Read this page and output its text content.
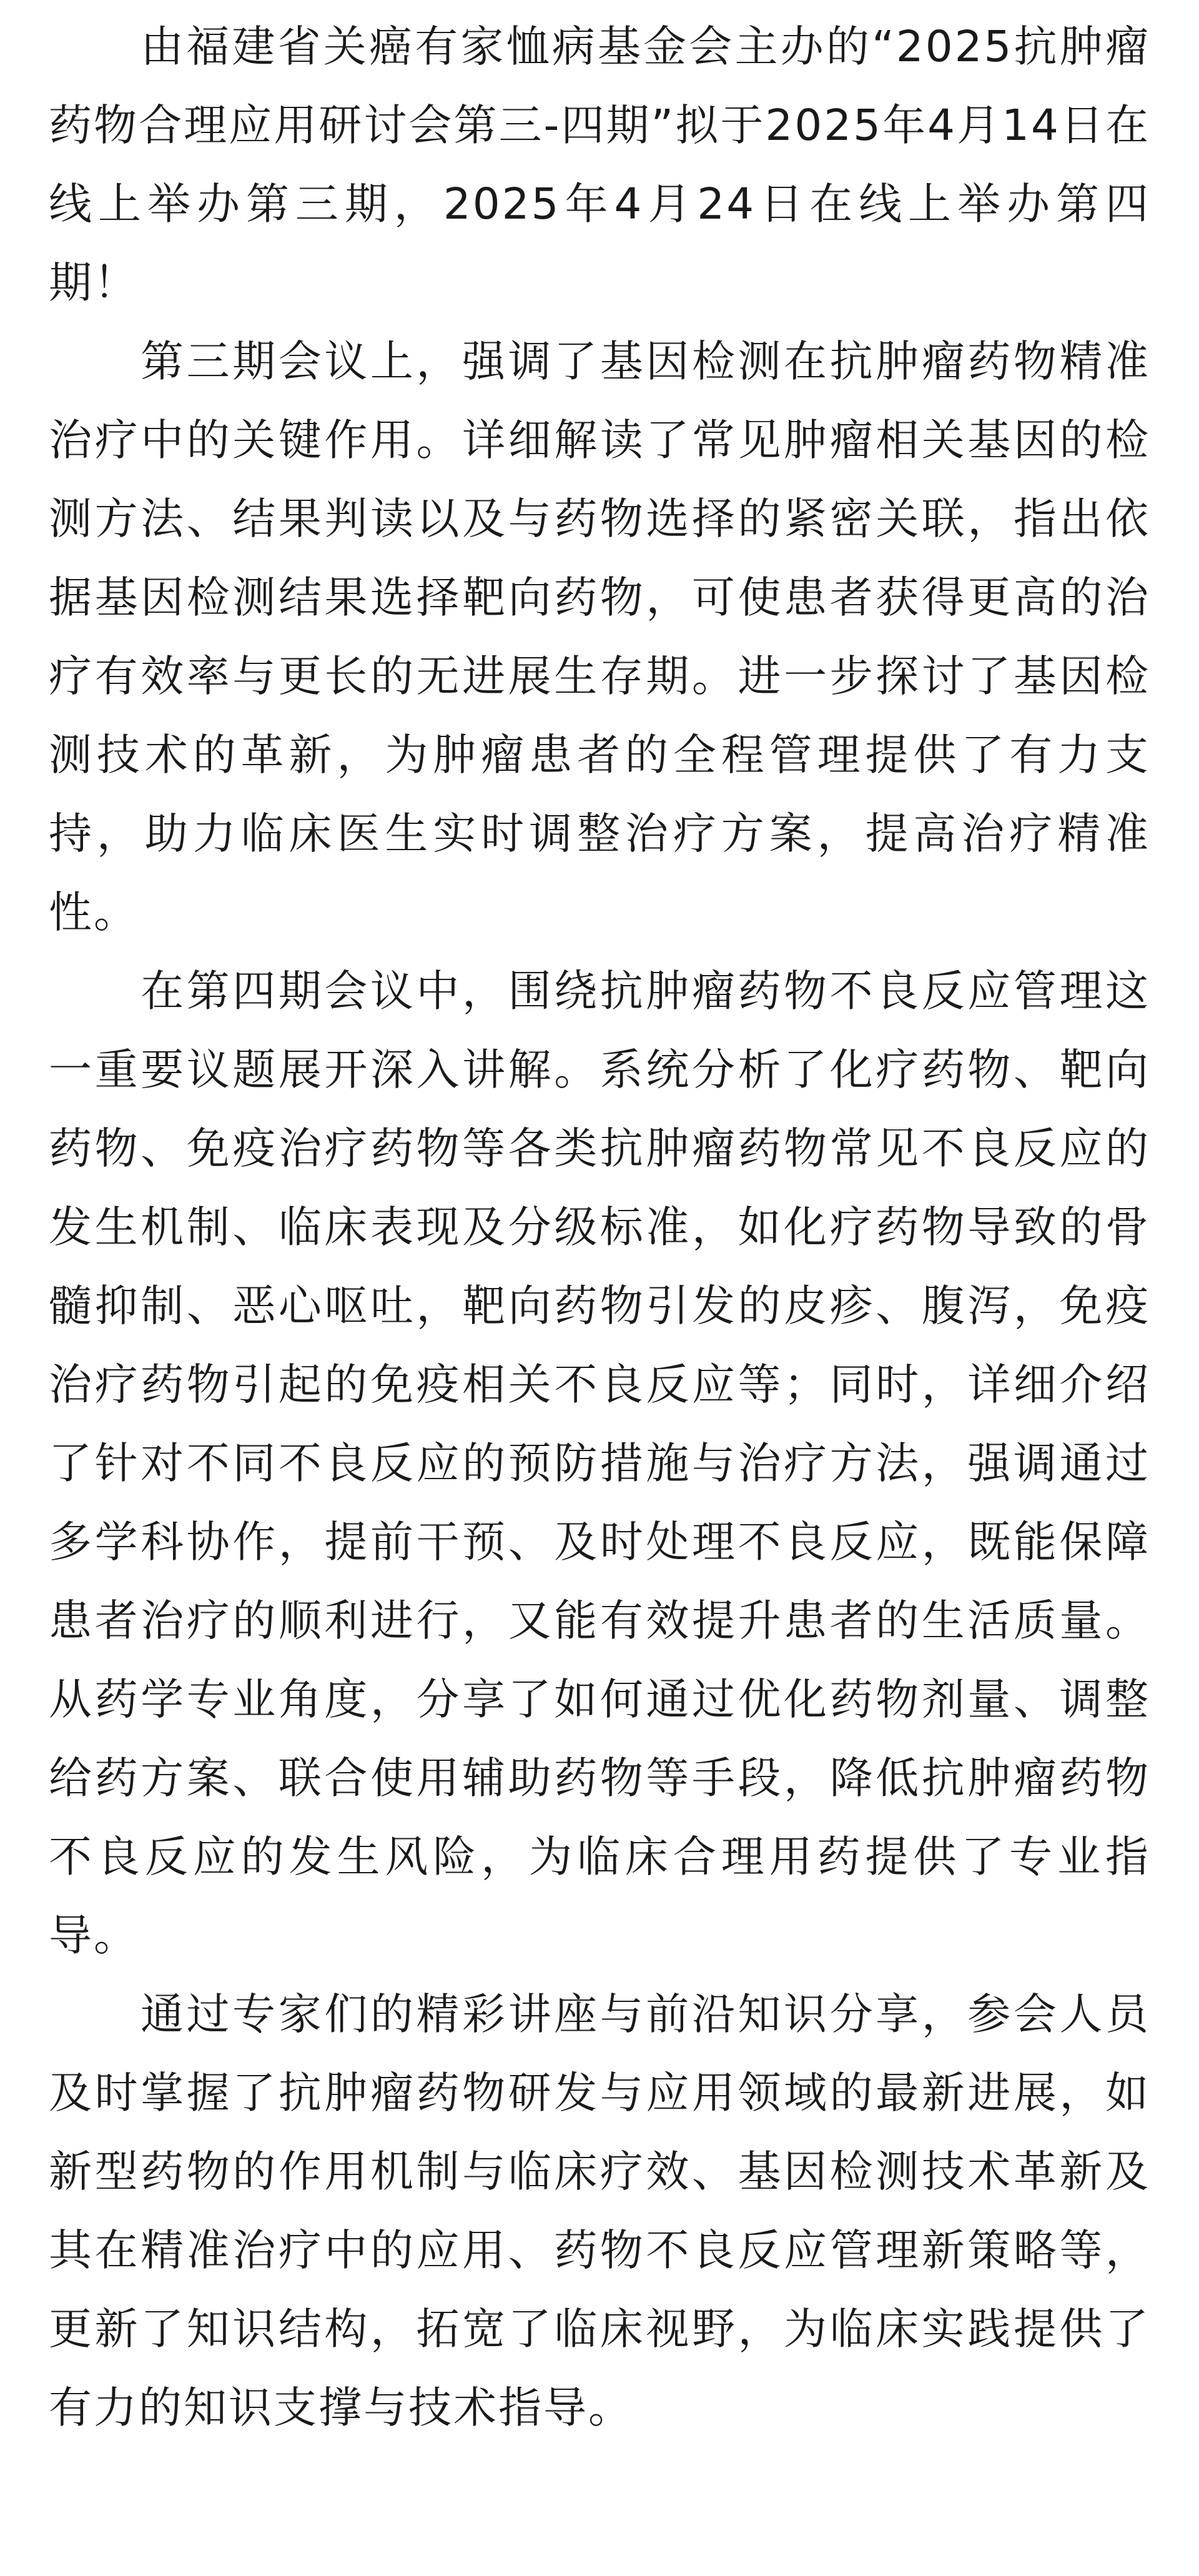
由福建省关癌有家恤病基金会主办的“2025抗肿瘤药物合理应用研讨会第三-四期”拟于2025年4月14日在线上举办第三期，2025年4月24日在线上举办第四期！

第三期会议上，强调了基因检测在抗肿瘤药物精准治疗中的关键作用。详细解读了常见肿瘤相关基因的检测方法、结果判读以及与药物选择的紧密关联，指出依据基因检测结果选择靶向药物，可使患者获得更高的治疗有效率与更长的无进展生存期。进一步探讨了基因检测技术的革新，为肿瘤患者的全程管理提供了有力支持，助力临床医生实时调整治疗方案，提高治疗精准性。

在第四期会议中，围绕抗肿瘤药物不良反应管理这一重要议题展开深入讲解。系统分析了化疗药物、靶向药物、免疫治疗药物等各类抗肿瘤药物常见不良反应的发生机制、临床表现及分级标准，如化疗药物导致的骨髓抑制、恶心呕吐，靶向药物引发的皮疹、腹泻，免疫治疗药物引起的免疫相关不良反应等；同时，详细介绍了针对不同不良反应的预防措施与治疗方法，强调通过多学科协作，提前干预、及时处理不良反应，既能保障患者治疗的顺利进行，又能有效提升患者的生活质量。从药学专业角度，分享了如何通过优化药物剂量、调整给药方案、联合使用辅助药物等手段，降低抗肿瘤药物不良反应的发生风险，为临床合理用药提供了专业指导。

通过专家们的精彩讲座与前沿知识分享，参会人员及时掌握了抗肿瘤药物研发与应用领域的最新进展，如新型药物的作用机制与临床疗效、基因检测技术革新及其在精准治疗中的应用、药物不良反应管理新策略等，更新了知识结构，拓宽了临床视野，为临床实践提供了有力的知识支撑与技术指导。
